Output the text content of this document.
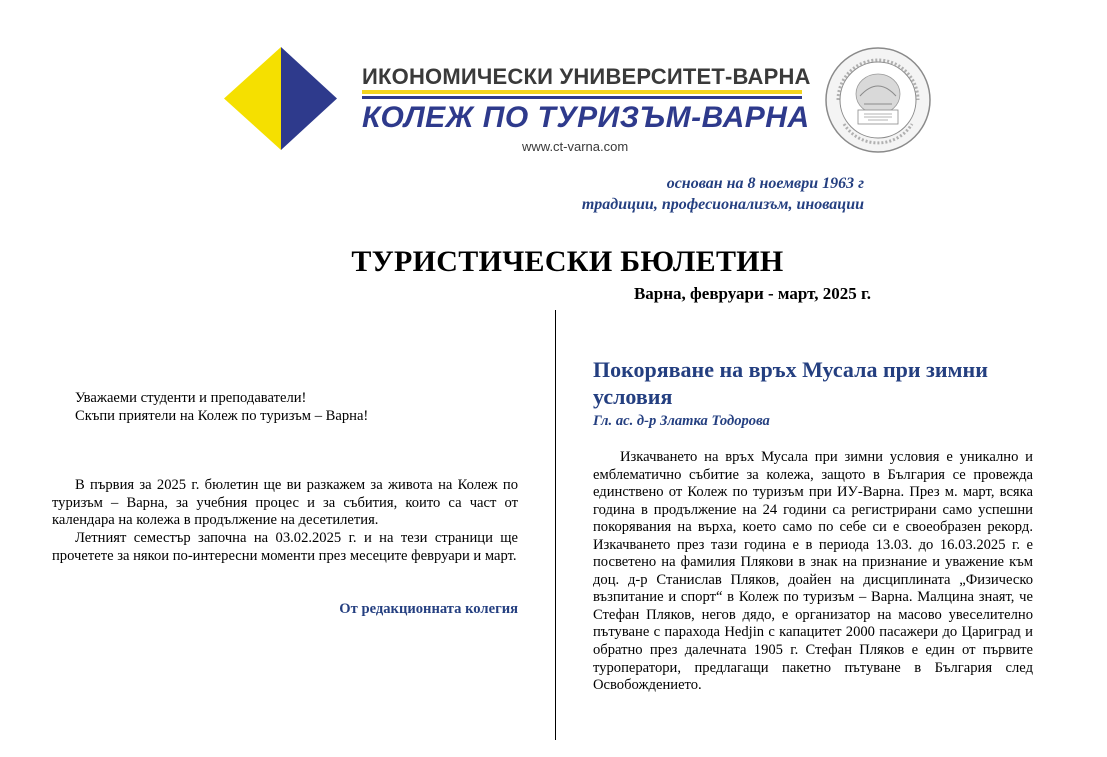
ИКОНОМИЧЕСКИ УНИВЕРСИТЕТ-ВАРНА
КОЛЕЖ ПО ТУРИЗЪМ-ВАРНА
www.ct-varna.com
основан на 8 ноември 1963 г
традиции, професионализъм, иновации
ТУРИСТИЧЕСКИ БЮЛЕТИН
Варна, февруари - март, 2025 г.

Уважаеми студенти и преподаватели!

Скъпи приятели на Колеж по туризъм – Варна!

В първия за 2025 г. бюлетин ще ви разкажем за живота на Колеж по туризъм – Варна, за учебния процес и за събития, които са част от календара на колежа в продължение на десетилетия.

Летният семестър започна на 03.02.2025 г. и на тези страници ще прочетете за някои по-интересни моменти през месеците февруари и март.

От редакционната колегия

Покоряване на връх Мусала при зимни условия
Гл. ас. д-р Златка Тодорова

Изкачването на връх Мусала при зимни условия е уникално и емблематично събитие за колежа, защото в България се провежда единствено от Колеж по туризъм при ИУ-Варна. През м. март, всяка година в продължение на 24 години са регистрирани само успешни покорявания на върха, което само по себе си е своеобразен рекорд. Изкачването през тази година е в периода 13.03. до 16.03.2025 г. е посветено на фамилия Плякови в знак на признание и уважение към доц. д-р Станислав Пляков, доайен на дисциплината „Физическо възпитание и спорт“ в Колеж по туризъм – Варна. Малцина знаят, че Стефан Пляков, негов дядо, е организатор на масово увеселително пътуване с парахода Hedjin с капацитет 2000 пасажери до Цариград и обратно през далечната 1905 г. Стефан Пляков е един от първите туроператори, предлагащи пакетно пътуване в България след Освобождението.
